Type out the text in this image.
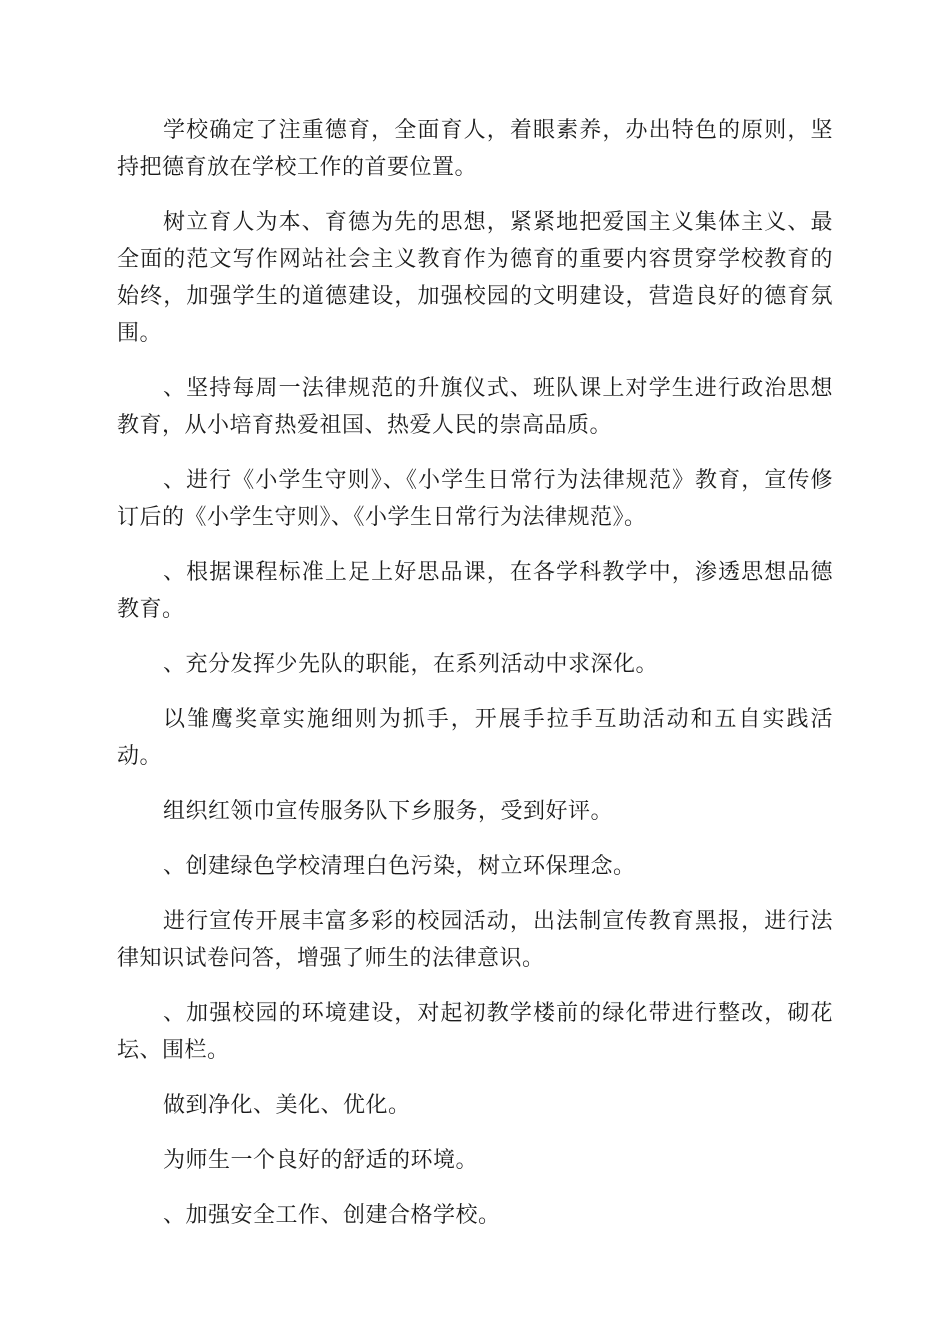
学校确定了注重德育，全面育人，着眼素养，办出特色的原则，坚持把德育放在学校工作的首要位置。

树立育人为本、育德为先的思想，紧紧地把爱国主义集体主义、最全面的范文写作网站社会主义教育作为德育的重要内容贯穿学校教育的始终，加强学生的道德建设，加强校园的文明建设，营造良好的德育氛围。

、坚持每周一法律规范的升旗仪式、班队课上对学生进行政治思想教育，从小培育热爱祖国、热爱人民的崇高品质。

、进行《小学生守则》、《小学生日常行为法律规范》教育，宣传修订后的《小学生守则》、《小学生日常行为法律规范》。

、根据课程标准上足上好思品课，在各学科教学中，渗透思想品德教育。

、充分发挥少先队的职能，在系列活动中求深化。

以雏鹰奖章实施细则为抓手，开展手拉手互助活动和五自实践活动。

组织红领巾宣传服务队下乡服务，受到好评。

、创建绿色学校清理白色污染，树立环保理念。

进行宣传开展丰富多彩的校园活动，出法制宣传教育黑报，进行法律知识试卷问答，增强了师生的法律意识。

、加强校园的环境建设，对起初教学楼前的绿化带进行整改，砌花坛、围栏。

做到净化、美化、优化。

为师生一个良好的舒适的环境。

、加强安全工作、创建合格学校。
